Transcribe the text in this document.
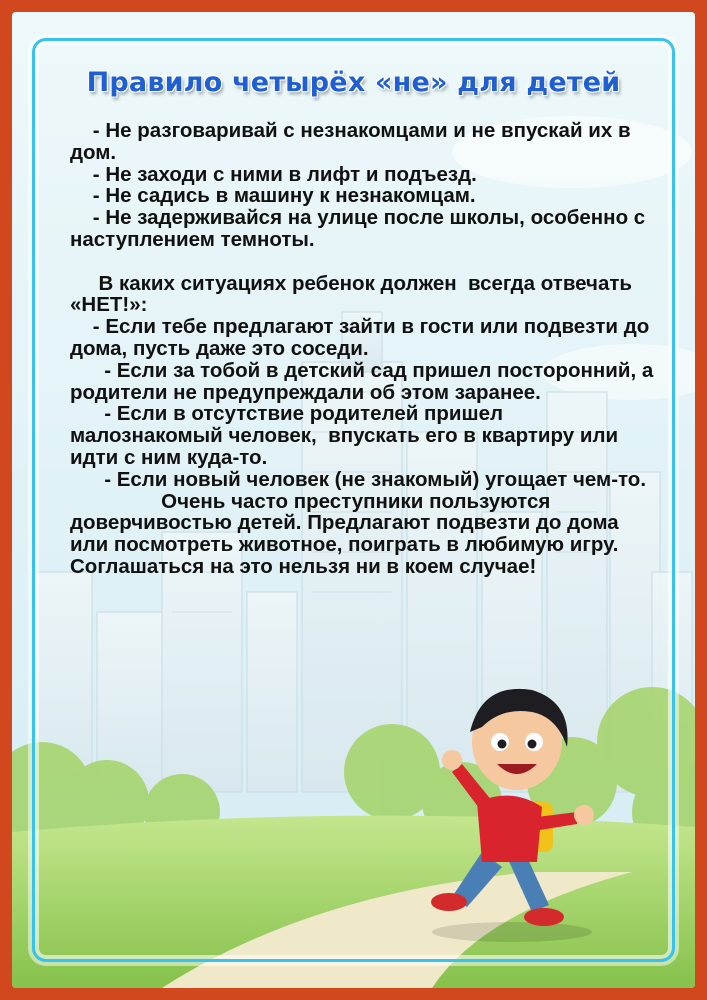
Правило четырёх «не» для детей

- Не разговаривай с незнакомцами и не впускай их в дом.

- Не заходи с ними в лифт и подъезд.

- Не садись в машину к незнакомцам.

- Не задерживайся на улице после школы, особенно с наступлением темноты.

В каких ситуациях ребенок должен  всегда отвечать «НЕТ!»:

- Если тебе предлагают зайти в гости или подвезти до дома, пусть даже это соседи.

- Если за тобой в детский сад пришел посторонний, а родители не предупреждали об этом заранее.

- Если в отсутствие родителей пришел малознакомый человек,  впускать его в квартиру или идти с ним куда-то.

- Если новый человек (не знакомый) угощает чем-то.

Очень часто преступники пользуются доверчивостью детей. Предлагают подвезти до дома или посмотреть животное, поиграть в любимую игру.  Соглашаться на это нельзя ни в коем случае!
